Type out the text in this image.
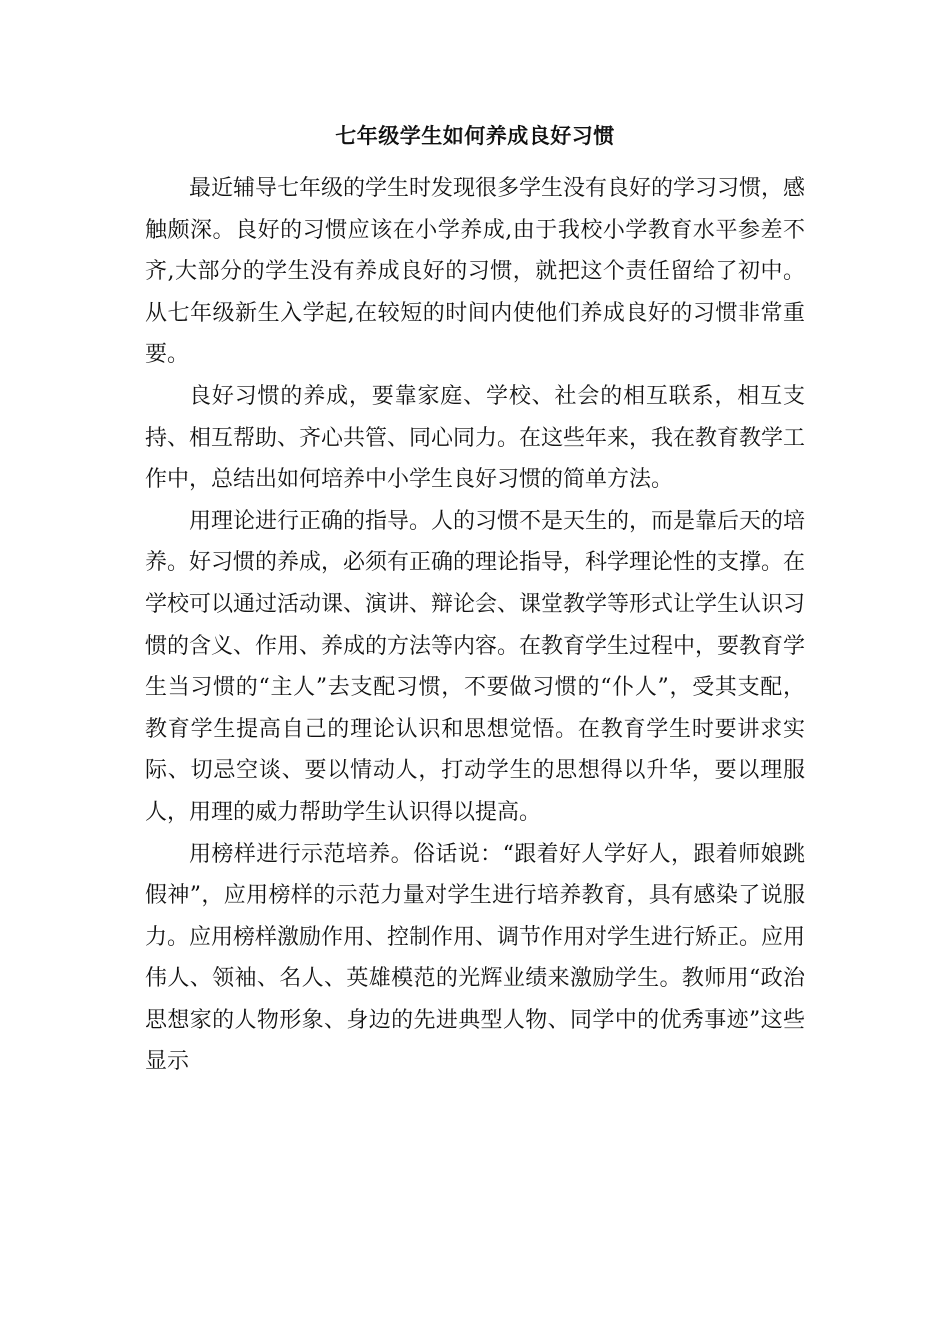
七年级学生如何养成良好习惯

最近辅导七年级的学生时发现很多学生没有良好的学习习惯，感触颇深。良好的习惯应该在小学养成,由于我校小学教育水平参差不齐,大部分的学生没有养成良好的习惯，就把这个责任留给了初中。从七年级新生入学起,在较短的时间内使他们养成良好的习惯非常重要。

良好习惯的养成，要靠家庭、学校、社会的相互联系，相互支持、相互帮助、齐心共管、同心同力。在这些年来，我在教育教学工作中，总结出如何培养中小学生良好习惯的简单方法。

用理论进行正确的指导。人的习惯不是天生的，而是靠后天的培养。好习惯的养成，必须有正确的理论指导，科学理论性的支撑。在学校可以通过活动课、演讲、辩论会、课堂教学等形式让学生认识习惯的含义、作用、养成的方法等内容。在教育学生过程中，要教育学生当习惯的“主人”去支配习惯，不要做习惯的“仆人”，受其支配，教育学生提高自己的理论认识和思想觉悟。在教育学生时要讲求实际、切忌空谈、要以情动人，打动学生的思想得以升华，要以理服人，用理的威力帮助学生认识得以提高。

用榜样进行示范培养。俗话说：“跟着好人学好人，跟着师娘跳假神”，应用榜样的示范力量对学生进行培养教育，具有感染了说服力。应用榜样激励作用、控制作用、调节作用对学生进行矫正。应用伟人、领袖、名人、英雄模范的光辉业绩来激励学生。教师用“政治思想家的人物形象、身边的先进典型人物、同学中的优秀事迹”这些显示
